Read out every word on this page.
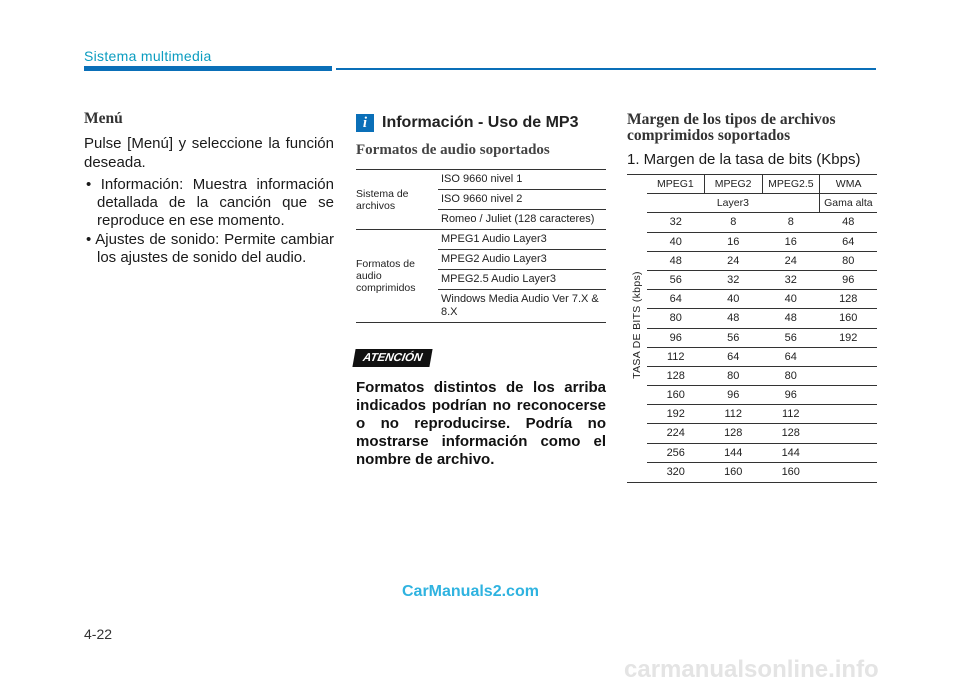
Sistema multimedia
Menú

Pulse [Menú] y seleccione la función deseada.

• Información: Muestra información detallada de la canción que se reproduce en ese momento.
• Ajustes de sonido: Permite cambiar los ajustes de sonido del audio.
i Información - Uso de MP3
Formatos de audio soportados
Sistema de archivos
ISO 9660 nivel 1
ISO 9660 nivel 2
Romeo / Juliet (128 caracteres)
Formatos de audio comprimidos
MPEG1 Audio Layer3
MPEG2 Audio Layer3
MPEG2.5 Audio Layer3
Windows Media Audio Ver 7.X & 8.X
ATENCIÓN
Formatos distintos de los arriba indicados podrían no reconocerse o no reproducirse. Podría no mostrarse información como el nombre de archivo.
Margen de los tipos de archivos
comprimidos soportados
1. Margen de la tasa de bits (Kbps)
TASA DE BITS (kbps)
MPEG1	MPEG2	MPEG2.5	WMA
Layer3	Gama alta
32	8	8	48
40	16	16	64
48	24	24	80
56	32	32	96
64	40	40	128
80	48	48	160
96	56	56	192
112	64	64
128	80	80
160	96	96
192	112	112
224	128	128
256	144	144
320	160	160
CarManuals2.com
4-22
carmanualsonline.info
